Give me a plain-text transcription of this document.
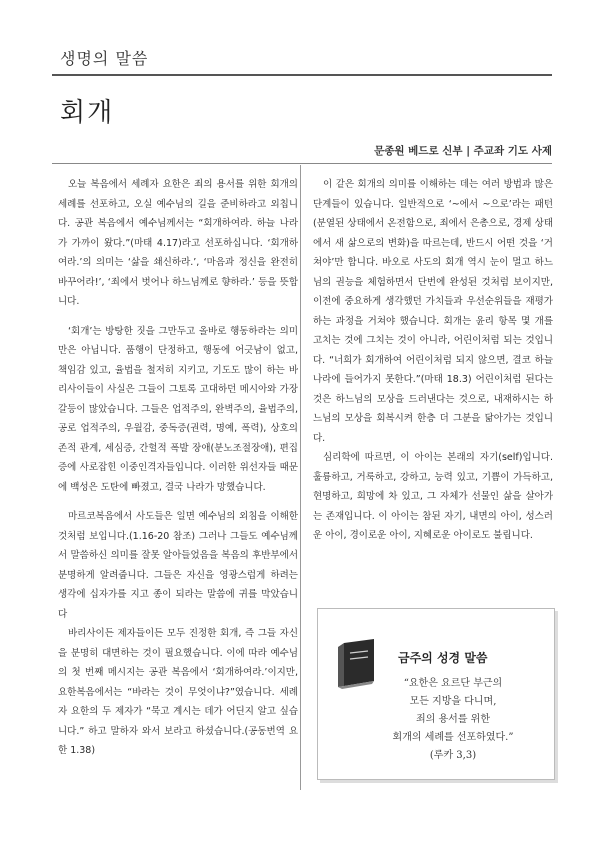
생명의 말씀
회개
문종원 베드로 신부 | 주교좌 기도 사제

오늘 복음에서 세례자 요한은 죄의 용서를 위한 회개의 세례를 선포하고, 오실 예수님의 길을 준비하라고 외칩니다. 공관 복음에서 예수님께서는 “회개하여라. 하늘 나라가 가까이 왔다.”(마태 4.17)라고 선포하십니다. ‘회개하여라.’의 의미는 ‘삶을 쇄신하라.’, ‘마음과 정신을 완전히 바꾸어라!’, ‘죄에서 벗어나 하느님께로 향하라.’ 등을 뜻합니다.

‘회개’는 방탕한 짓을 그만두고 올바로 행동하라는 의미만은 아닙니다. 품행이 단정하고, 행동에 어긋남이 없고, 책임감 있고, 율법을 철저히 지키고, 기도도 많이 하는 바리사이들이 사실은 그들이 그토록 고대하던 메시아와 가장 갈등이 많았습니다. 그들은 업적주의, 완벽주의, 율법주의, 공로 업적주의, 우월감, 중독증(권력, 명예, 폭력), 상호의존적 관계, 세심증, 간헐적 폭발 장애(분노조절장애), 편집증에 사로잡힌 이중인격자들입니다. 이러한 위선자들 때문에 백성은 도탄에 빠졌고, 결국 나라가 망했습니다.

마르코복음에서 사도들은 일면 예수님의 외침을 이해한 것처럼 보입니다.(1.16-20 참조) 그러나 그들도 예수님께서 말씀하신 의미를 잘못 알아들었음을 복음의 후반부에서 분명하게 알려줍니다. 그들은 자신을 영광스럽게 하려는 생각에 십자가를 지고 종이 되라는 말씀에 귀를 막았습니다

바리사이든 제자들이든 모두 진정한 회개, 즉 그들 자신을 분명히 대면하는 것이 필요했습니다. 이에 따라 예수님의 첫 번째 메시지는 공관 복음에서 ‘회개하여라.’이지만, 요한복음에서는 “바라는 것이 무엇이냐?”였습니다. 세례자 요한의 두 제자가 “묵고 계시는 데가 어딘지 알고 싶습니다.” 하고 말하자 와서 보라고 하셨습니다.(공동번역 요한 1.38)

이 같은 회개의 의미를 이해하는 데는 여러 방법과 많은 단계들이 있습니다. 일반적으로 ‘~에서 ~으로’라는 패턴(분열된 상태에서 온전함으로, 죄에서 은총으로, 경제 상태에서 새 삶으로의 변화)을 따르는데, 반드시 어떤 것을 ‘거쳐야’만 합니다. 바오로 사도의 회개 역시 눈이 멀고 하느님의 권능을 체험하면서 단번에 완성된 것처럼 보이지만, 이전에 중요하게 생각했던 가치들과 우선순위들을 재평가하는 과정을 거쳐야 했습니다. 회개는 윤리 항목 몇 개를 고치는 것에 그치는 것이 아니라, 어린이처럼 되는 것입니다. “너희가 회개하여 어린이처럼 되지 않으면, 결코 하늘 나라에 들어가지 못한다.”(마태 18.3) 어린이처럼 된다는 것은 하느님의 모상을 드러낸다는 것으로, 내재하시는 하느님의 모상을 회복시켜 한층 더 그분을 닮아가는 것입니다.

심리학에 따르면, 이 아이는 본래의 자기(self)입니다. 훌륭하고, 거룩하고, 강하고, 능력 있고, 기쁨이 가득하고, 현명하고, 희망에 차 있고, 그 자체가 선물인 삶을 살아가는 존재입니다. 이 아이는 참된 자기, 내면의 아이, 성스러운 아이, 경이로운 아이, 지혜로운 아이로도 불립니다.

금주의 성경 말씀
“요한은 요르단 부근의
모든 지방을 다니며,
죄의 용서를 위한
회개의 세례를 선포하였다.”
(루카 3,3)
